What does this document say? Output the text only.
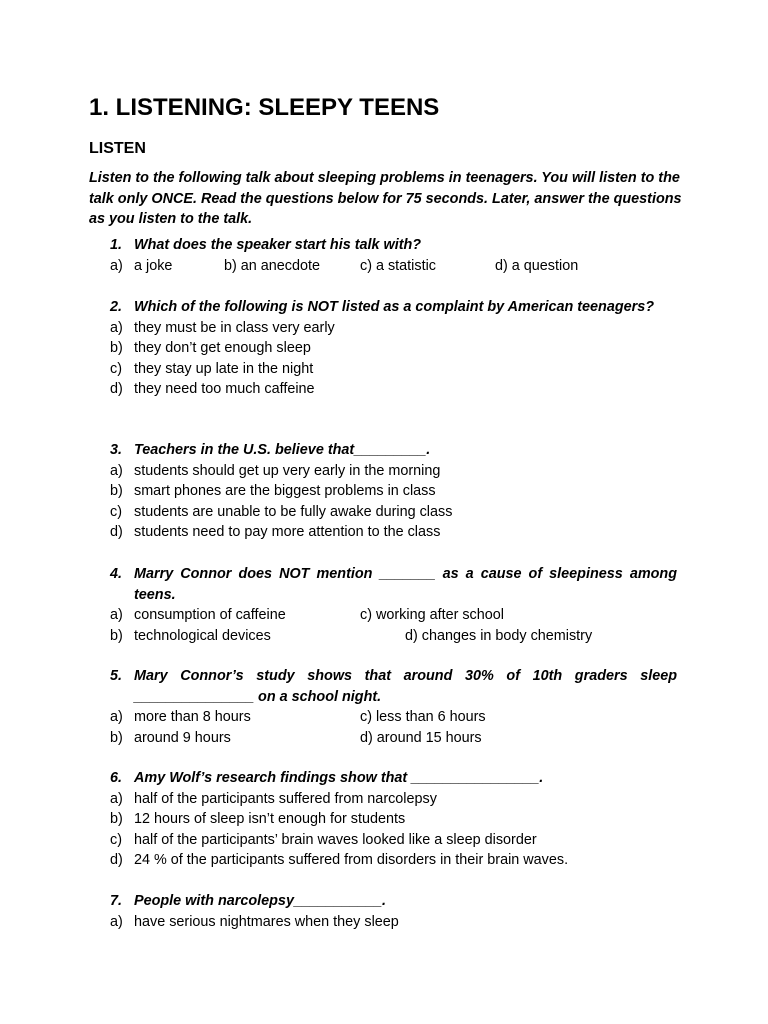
1. LISTENING: SLEEPY TEENS
LISTEN

Listen to the following talk about sleeping problems in teenagers. You will listen to the talk only ONCE. Read the questions below for 75 seconds. Later, answer the questions as you listen to the talk.

1. What does the speaker start his talk with?
a) a joke	b) an anecdote	c) a statistic	d) a question
2. Which of the following is NOT listed as a complaint by American teenagers?
a) they must be in class very early
b) they don’t get enough sleep
c) they stay up late in the night
d) they need too much caffeine
3. Teachers in the U.S. believe that_________.
a) students should get up very early in the morning
b) smart phones are the biggest problems in class
c) students are unable to be fully awake during class
d) students need to pay more attention to the class
4. Marry Connor does NOT mention _______ as a cause of sleepiness among teens.
a) consumption of caffeine	c) working after school
b) technological devices	d) changes in body chemistry
5. Mary Connor’s study shows that around 30% of 10th graders sleep _______________ on a school night.
a) more than 8 hours	c) less than 6 hours
b) around 9 hours	d) around 15 hours
6. Amy Wolf’s research findings show that ________________.
a) half of the participants suffered from narcolepsy
b) 12 hours of sleep isn’t enough for students
c) half of the participants’ brain waves looked like a sleep disorder
d) 24 % of the participants suffered from disorders in their brain waves.
7. People with narcolepsy___________.
a) have serious nightmares when they sleep
